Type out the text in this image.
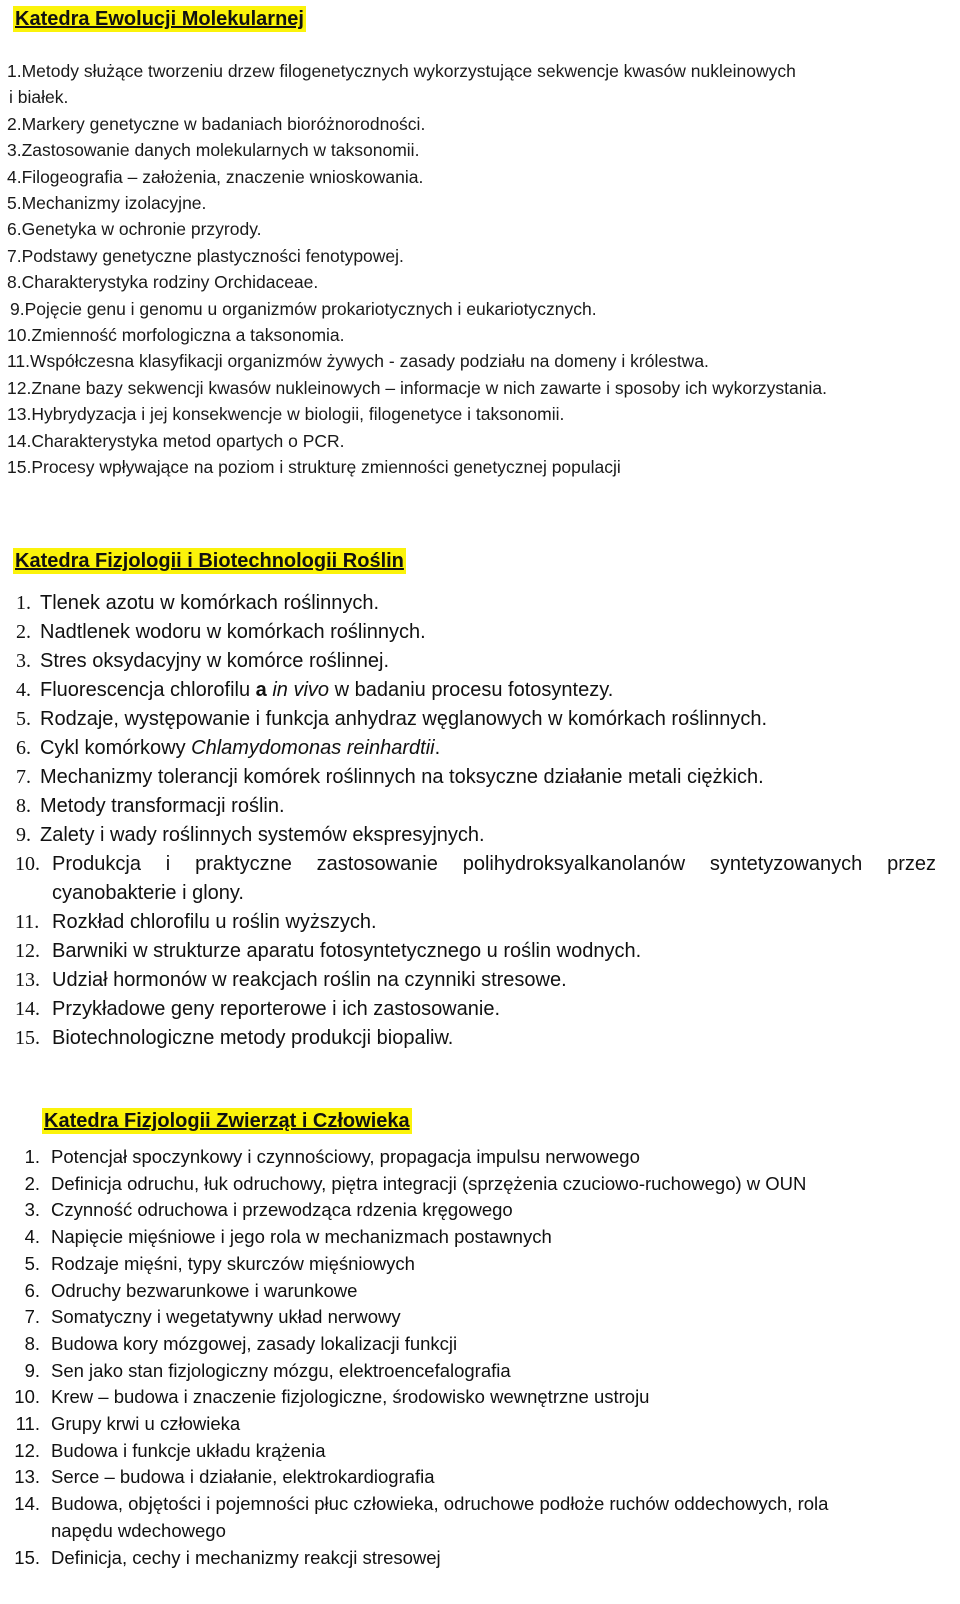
Katedra Ewolucji Molekularnej
1.Metody służące tworzeniu drzew filogenetycznych wykorzystujące sekwencje kwasów nukleinowych
i białek.
2.Markery genetyczne w badaniach bioróżnorodności.
3.Zastosowanie danych molekularnych w taksonomii.
4.Filogeografia – założenia, znaczenie wnioskowania.
5.Mechanizmy izolacyjne.
6.Genetyka w ochronie przyrody.
7.Podstawy genetyczne plastyczności fenotypowej.
8.Charakterystyka rodziny Orchidaceae.
9.Pojęcie genu i genomu u organizmów prokariotycznych i eukariotycznych.
10.Zmienność morfologiczna a taksonomia.
11.Współczesna klasyfikacji organizmów żywych - zasady podziału na domeny i królestwa.
12.Znane bazy sekwencji kwasów nukleinowych – informacje w nich zawarte i sposoby ich wykorzystania.
13.Hybrydyzacja i jej konsekwencje w biologii, filogenetyce i taksonomii.
14.Charakterystyka metod opartych o PCR.
15.Procesy wpływające na poziom i strukturę zmienności genetycznej populacji
Katedra Fizjologii i Biotechnologii Roślin
1. Tlenek azotu w komórkach roślinnych.
2. Nadtlenek wodoru w komórkach roślinnych.
3. Stres oksydacyjny w komórce roślinnej.
4. Fluorescencja chlorofilu a in vivo w badaniu procesu fotosyntezy.
5. Rodzaje, występowanie i funkcja anhydraz węglanowych w komórkach roślinnych.
6. Cykl komórkowy Chlamydomonas reinhardtii.
7. Mechanizmy tolerancji komórek roślinnych na toksyczne działanie metali ciężkich.
8. Metody transformacji roślin.
9. Zalety i wady roślinnych systemów ekspresyjnych.
10. Produkcja i praktyczne zastosowanie polihydroksyalkanolanów syntetyzowanych przez
cyanobakterie i glony.
11. Rozkład chlorofilu u roślin wyższych.
12. Barwniki w strukturze aparatu fotosyntetycznego u roślin wodnych.
13. Udział hormonów w reakcjach roślin na czynniki stresowe.
14. Przykładowe geny reporterowe i ich zastosowanie.
15. Biotechnologiczne metody produkcji biopaliw.
Katedra Fizjologii Zwierząt i Człowieka
1. Potencjał spoczynkowy i czynnościowy, propagacja impulsu nerwowego
2. Definicja odruchu, łuk odruchowy, piętra integracji (sprzężenia czuciowo-ruchowego) w OUN
3. Czynność odruchowa i przewodząca rdzenia kręgowego
4. Napięcie mięśniowe i jego rola w mechanizmach postawnych
5. Rodzaje mięśni, typy skurczów mięśniowych
6. Odruchy bezwarunkowe i warunkowe
7. Somatyczny i wegetatywny układ nerwowy
8. Budowa kory mózgowej, zasady lokalizacji funkcji
9. Sen jako stan fizjologiczny mózgu, elektroencefalografia
10. Krew – budowa i znaczenie fizjologiczne, środowisko wewnętrzne ustroju
11. Grupy krwi u człowieka
12. Budowa i funkcje układu krążenia
13. Serce – budowa i działanie, elektrokardiografia
14. Budowa, objętości i pojemności płuc człowieka, odruchowe podłoże ruchów oddechowych, rola
napędu wdechowego
15. Definicja, cechy i mechanizmy reakcji stresowej
